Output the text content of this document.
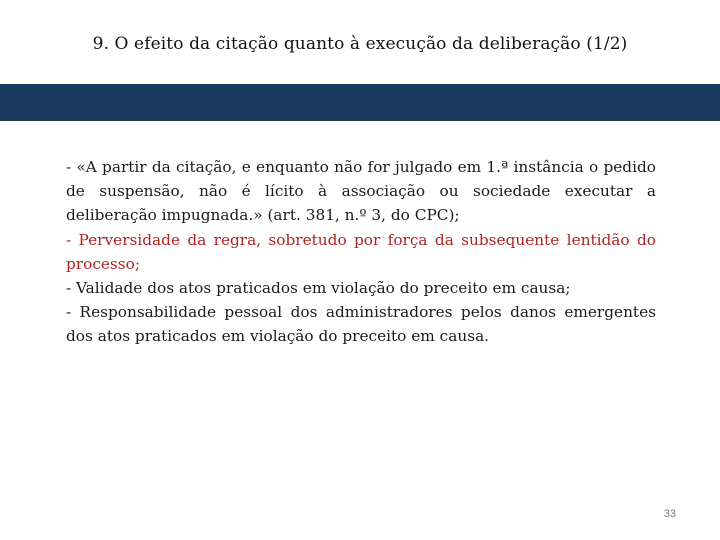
9. O efeito da citação quanto à execução da deliberação (1/2)

- «A partir da citação, e enquanto não for julgado em 1.ª instância o pedido de suspensão, não é lícito à associação ou sociedade executar a deliberação impugnada.» (art. 381, n.º 3, do CPC);

- Perversidade da regra, sobretudo por força da subsequente lentidão do processo;

- Validade dos atos praticados em violação do preceito em causa;

- Responsabilidade pessoal dos administradores pelos danos emergentes dos atos praticados em violação do preceito em causa.

33
